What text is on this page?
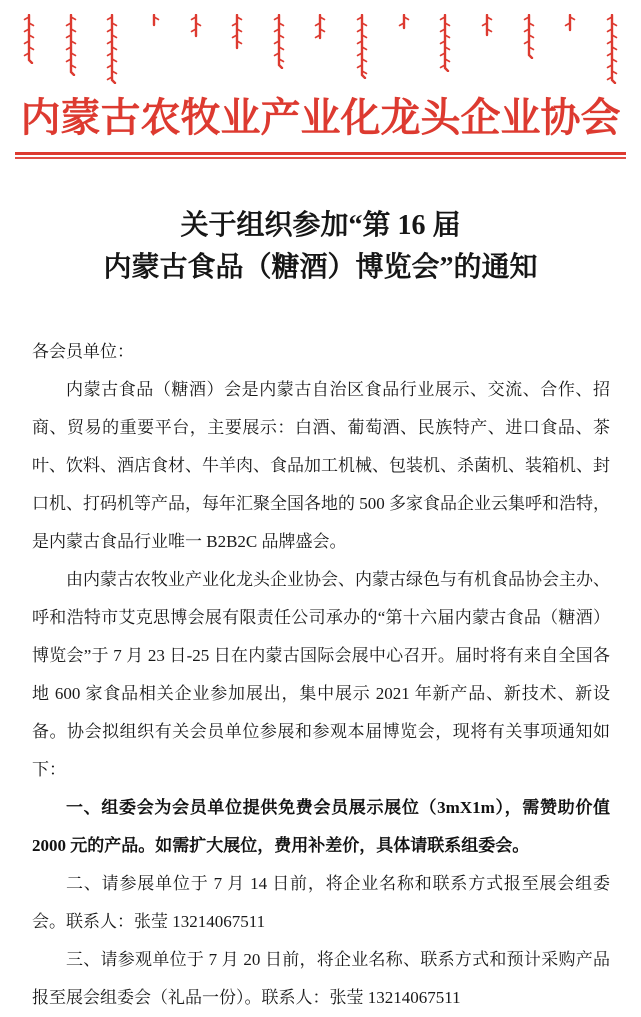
内蒙古农牧业产业化龙头企业协会
关于组织参加“第 16 届
内蒙古食品（糖酒）博览会”的通知

各会员单位：

内蒙古食品（糖酒）会是内蒙古自治区食品行业展示、交流、合作、招商、贸易的重要平台，主要展示：白酒、葡萄酒、民族特产、进口食品、茶叶、饮料、酒店食材、牛羊肉、食品加工机械、包装机、杀菌机、装箱机、封口机、打码机等产品，每年汇聚全国各地的 500 多家食品企业云集呼和浩特，是内蒙古食品行业唯一 B2B2C 品牌盛会。

由内蒙古农牧业产业化龙头企业协会、内蒙古绿色与有机食品协会主办、呼和浩特市艾克思博会展有限责任公司承办的“第十六届内蒙古食品（糖酒）博览会”于 7 月 23 日-25 日在内蒙古国际会展中心召开。届时将有来自全国各地 600 家食品相关企业参加展出，集中展示 2021 年新产品、新技术、新设备。协会拟组织有关会员单位参展和参观本届博览会，现将有关事项通知如下：

一、组委会为会员单位提供免费会员展示展位（3mX1m），需赞助价值 2000 元的产品。如需扩大展位，费用补差价，具体请联系组委会。

二、请参展单位于 7 月 14 日前，将企业名称和联系方式报至展会组委会。联系人：张莹 13214067511

三、请参观单位于 7 月 20 日前，将企业名称、联系方式和预计采购产品报至展会组委会（礼品一份）。联系人：张莹 13214067511
